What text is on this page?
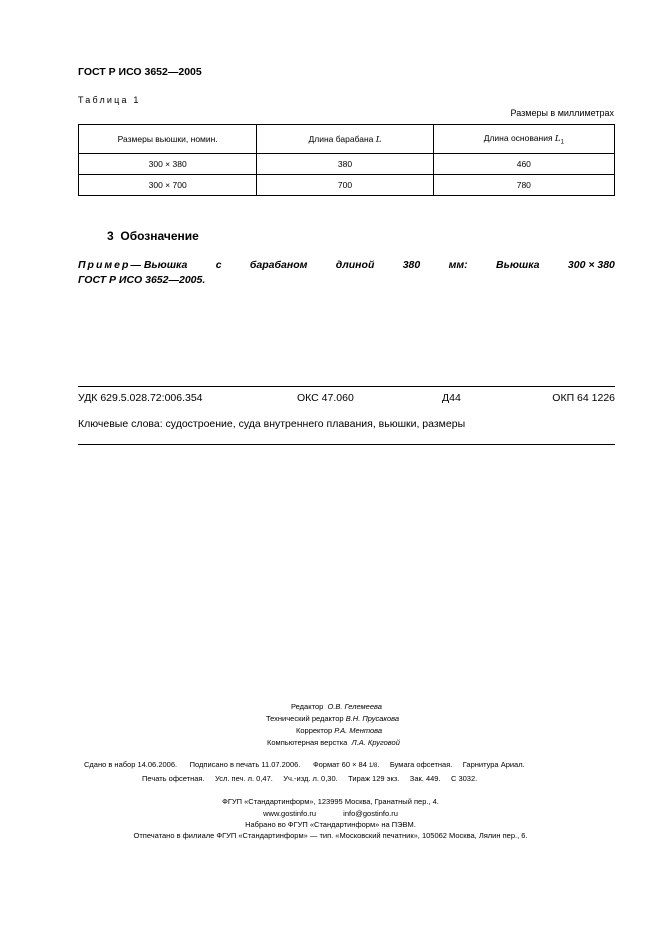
ГОСТ Р ИСО 3652—2005
Таблица 1
Размеры в миллиметрах
Размеры вьюшки, номин.	Длина барабана L	Длина основания $L_1$
300 × 380	380	460
300 × 700	700	780
3 Обозначение
Пример— Вьюшка	с	барабаном	длиной	380	мм:	Вьюшка	300 × 380
ГОСТ Р ИСО 3652—2005.
УДК 629.5.028.72:006.354	ОКС 47.060	Д44	ОКП 64 1226
Ключевые слова: судостроение, суда внутреннего плавания, вьюшки, размеры
Редактор О.В. Гелемеева
Технический редактор В.Н. Прусакова
Корректор Р.А. Ментова
Компьютерная верстка Л.А. Круговой
Сдано в набор 14.06.2006. Подписано в печать 11.07.2006. Формат 60 × 84 1/8.     Бумага офсетная. Гарнитура Ариал.
Печать офсетная. Усл. печ. л. 0,47. Уч.-изд. л. 0,30. Тираж 129 экз. Зак. 449. С 3032.
ФГУП «Стандартинформ», 123995 Москва, Гранатный пер., 4.
www.gostinfo.ru	info@gostinfo.ru
Набрано во ФГУП «Стандартинформ» на ПЭВМ.
Отпечатано в филиале ФГУП «Стандартинформ» — тип. «Московский печатник», 105062 Москва, Лялин пер., 6.
